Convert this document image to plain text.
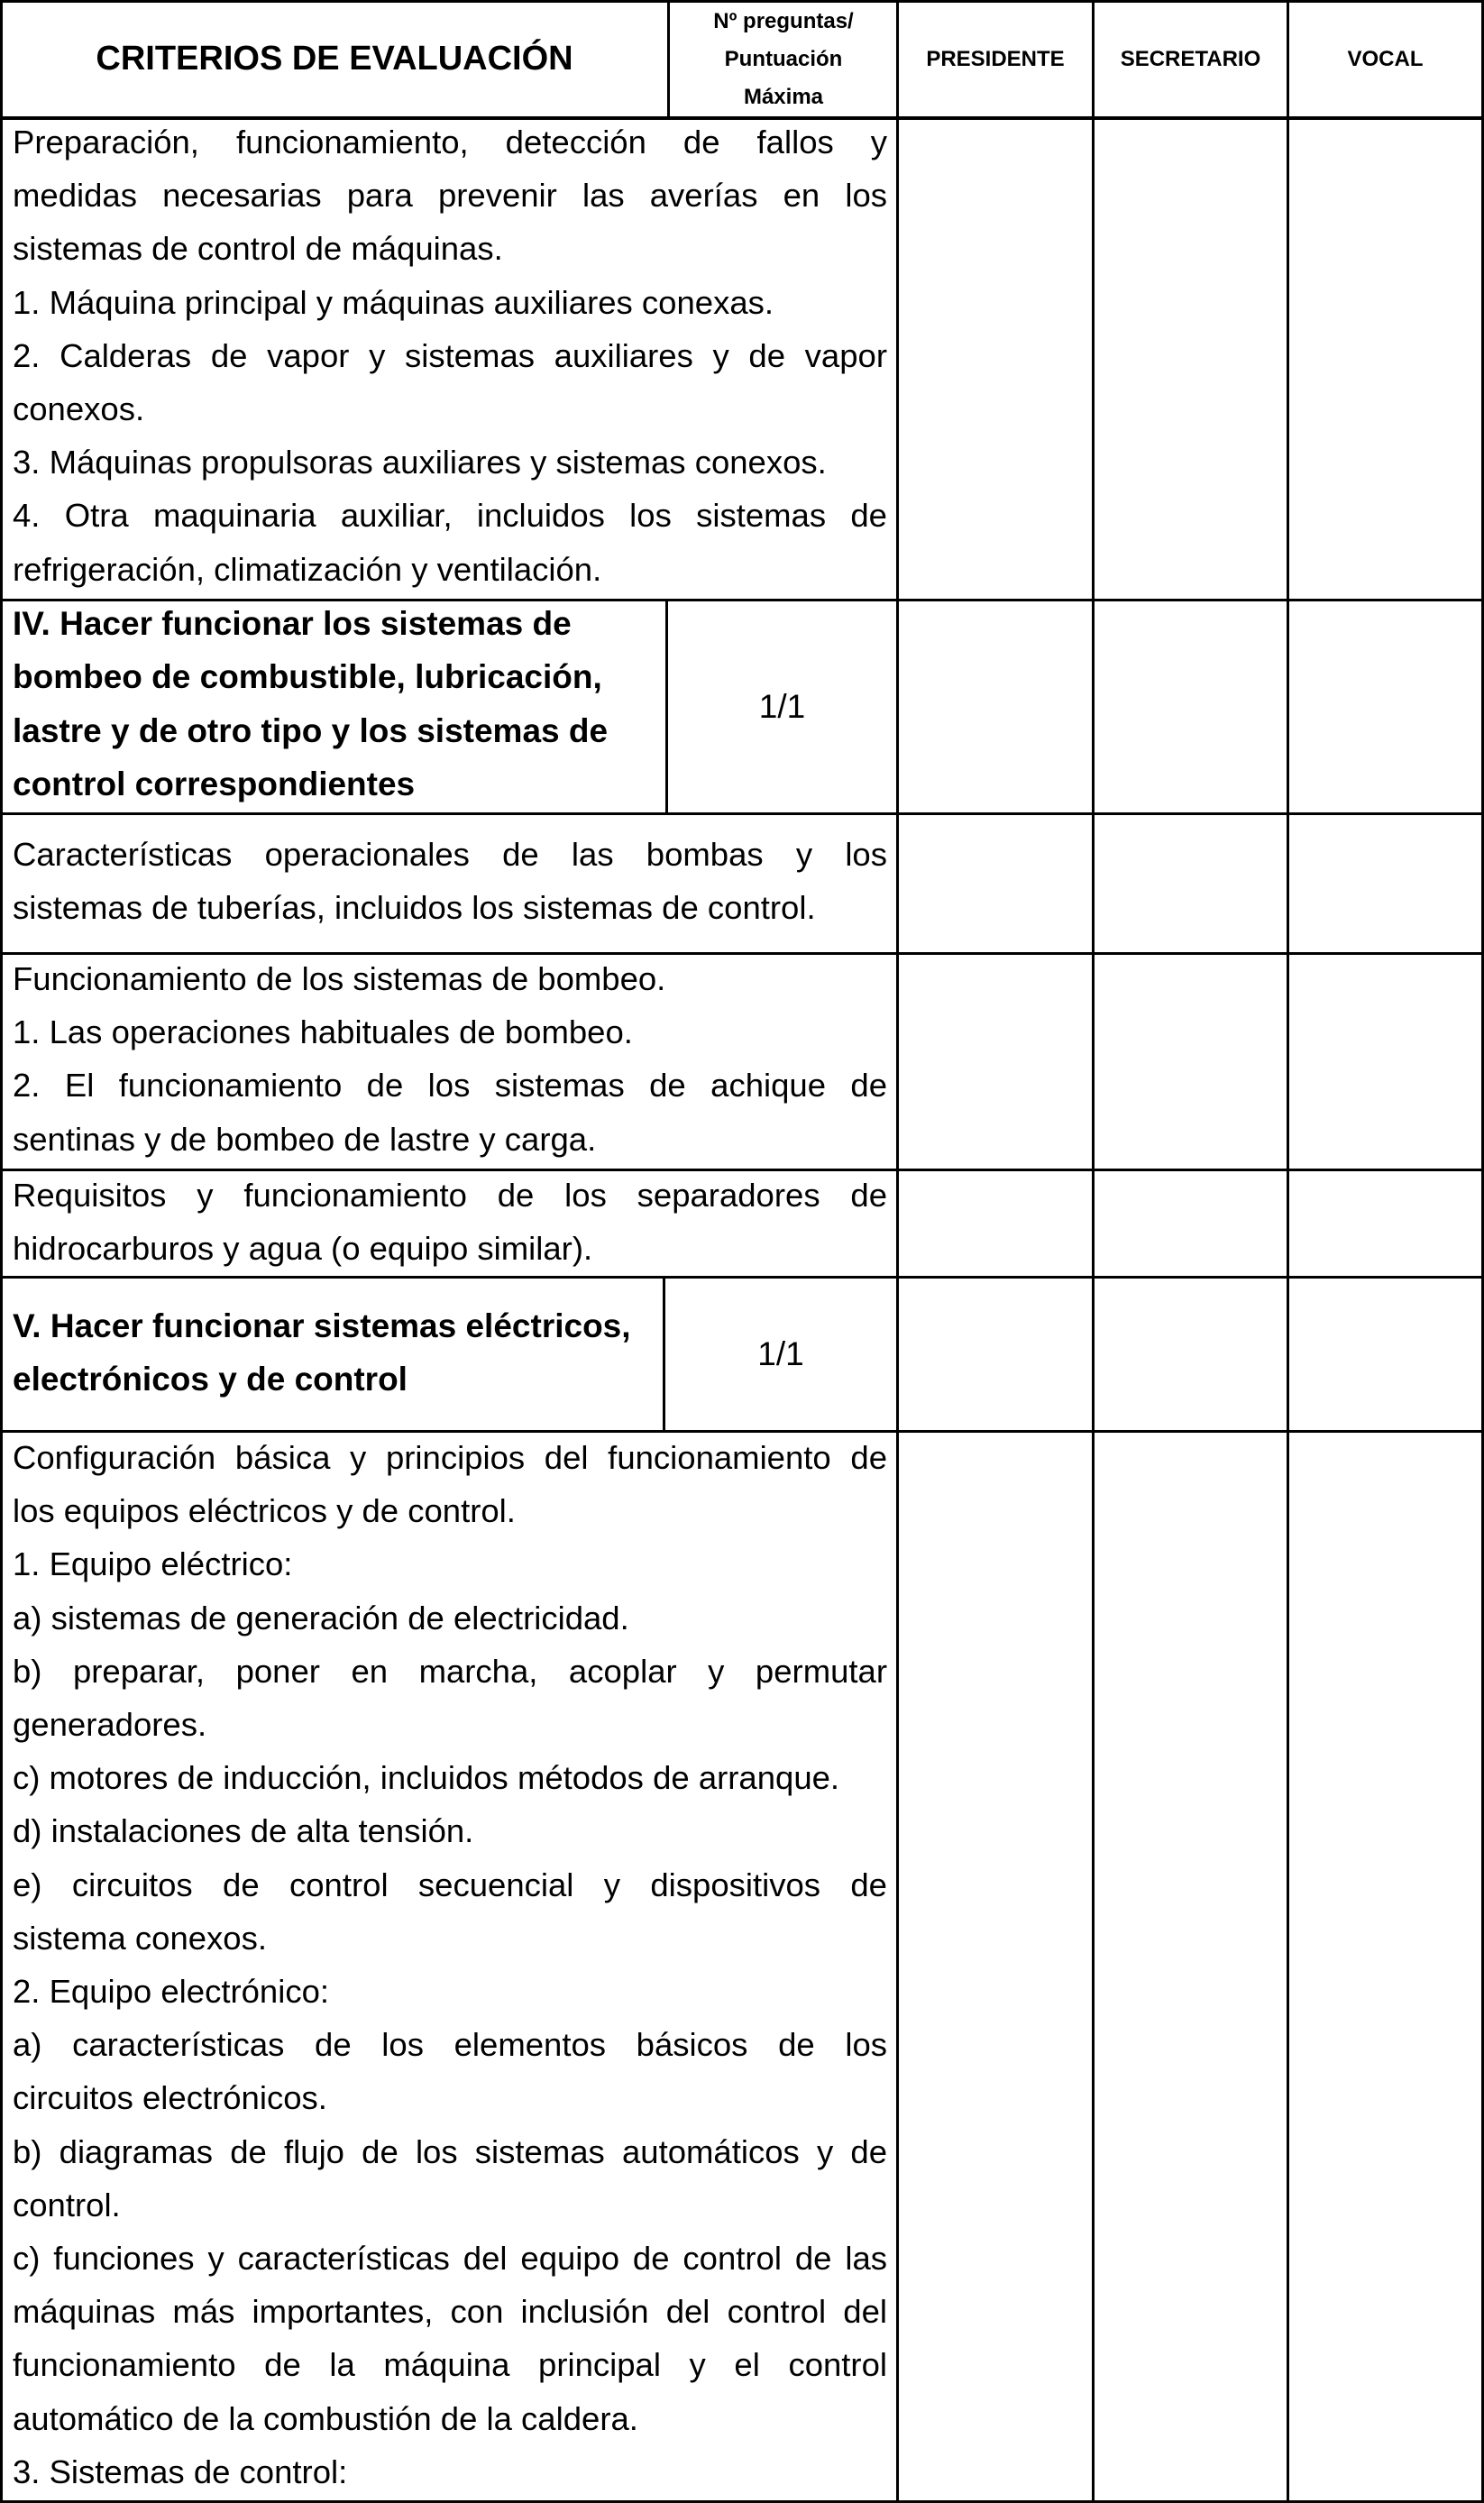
CRITERIOS DE EVALUACIÓN
Nº preguntas/
Puntuación
Máxima
PRESIDENTE	SECRETARIO	VOCAL

Preparación, funcionamiento, detección de fallos y

medidas necesarias para prevenir las averías en los

sistemas de control de máquinas.

1. Máquina principal y máquinas auxiliares conexas.

2. Calderas de vapor y sistemas auxiliares y de vapor

conexos.

3. Máquinas propulsoras auxiliares y sistemas conexos.

4. Otra maquinaria auxiliar, incluidos los sistemas de

refrigeración, climatización y ventilación.

IV. Hacer funcionar los sistemas de

bombeo de combustible, lubricación,

lastre y de otro tipo y los sistemas de

control correspondientes

1/1

Características operacionales de las bombas y los

sistemas de tuberías, incluidos los sistemas de control.

Funcionamiento de los sistemas de bombeo.

1. Las operaciones habituales de bombeo.

2. El funcionamiento de los sistemas de achique de

sentinas y de bombeo de lastre y carga.

Requisitos y funcionamiento de los separadores de

hidrocarburos y agua (o equipo similar).

V. Hacer funcionar sistemas eléctricos,

electrónicos y de control

1/1

Configuración básica y principios del funcionamiento de

los equipos eléctricos y de control.

1. Equipo eléctrico:

a) sistemas de generación de electricidad.

b) preparar, poner en marcha, acoplar y permutar

generadores.

c) motores de inducción, incluidos métodos de arranque.

d) instalaciones de alta tensión.

e) circuitos de control secuencial y dispositivos de

sistema conexos.

2. Equipo electrónico:

a) características de los elementos básicos de los

circuitos electrónicos.

b) diagramas de flujo de los sistemas automáticos y de

control.

c) funciones y características del equipo de control de las

máquinas más importantes, con inclusión del control del

funcionamiento de la máquina principal y el control

automático de la combustión de la caldera.

3. Sistemas de control:
